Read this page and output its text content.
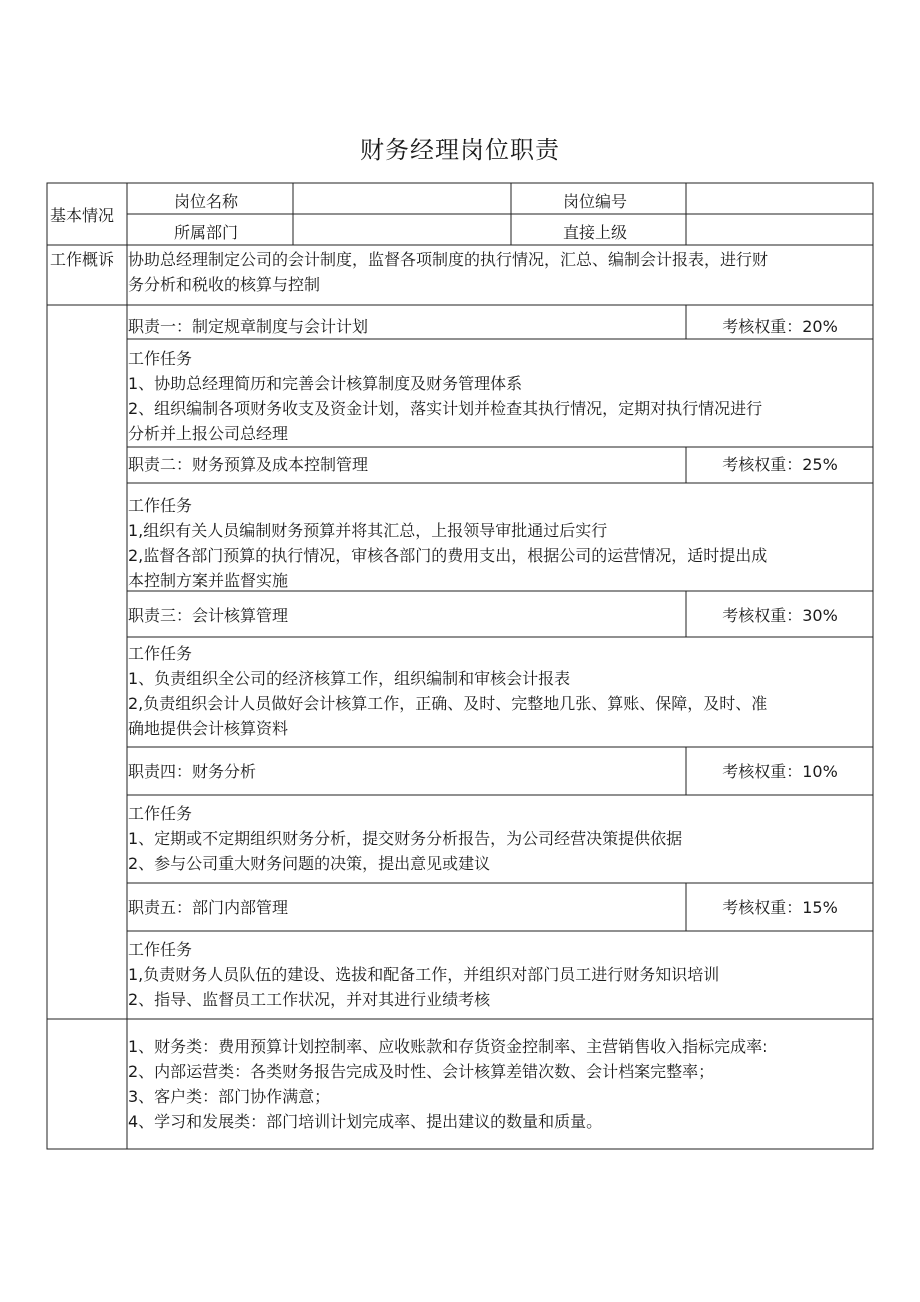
财务经理岗位职责
基本情况
岗位名称	岗位编号
所属部门	直接上级
工作概诉 协助总经理制定公司的会计制度，监督各项制度的执行情况，汇总、编制会计报表，进行财
务分析和税收的核算与控制
职责一：制定规章制度与会计计划	考核权重：20%
工作任务
1、协助总经理简历和完善会计核算制度及财务管理体系
2、组织编制各项财务收支及资金计划，落实计划并检查其执行情况，定期对执行情况进行
分析并上报公司总经理
职责二：财务预算及成本控制管理	考核权重：25%
工作任务
1,组织有关人员编制财务预算并将其汇总，上报领导审批通过后实行
2,监督各部门预算的执行情况，审核各部门的费用支出，根据公司的运营情况，适时提出成
本控制方案并监督实施
职责三：会计核算管理	考核权重：30%
工作任务
1、负责组织全公司的经济核算工作，组织编制和审核会计报表
2,负责组织会计人员做好会计核算工作，正确、及时、完整地几张、算账、保障，及时、准
确地提供会计核算资料
职责四：财务分析	考核权重：10%
工作任务
1、定期或不定期组织财务分析，提交财务分析报告，为公司经营决策提供依据
2、参与公司重大财务问题的决策，提出意见或建议
职责五：部门内部管理	考核权重：15%
工作任务
1,负责财务人员队伍的建设、选拔和配备工作，并组织对部门员工进行财务知识培训
2、指导、监督员工工作状况，并对其进行业绩考核
1、财务类：费用预算计划控制率、应收账款和存货资金控制率、主营销售收入指标完成率:
2、内部运营类：各类财务报告完成及时性、会计核算差错次数、会计档案完整率；
3、客户类：部门协作满意；
4、学习和发展类：部门培训计划完成率、提出建议的数量和质量。
